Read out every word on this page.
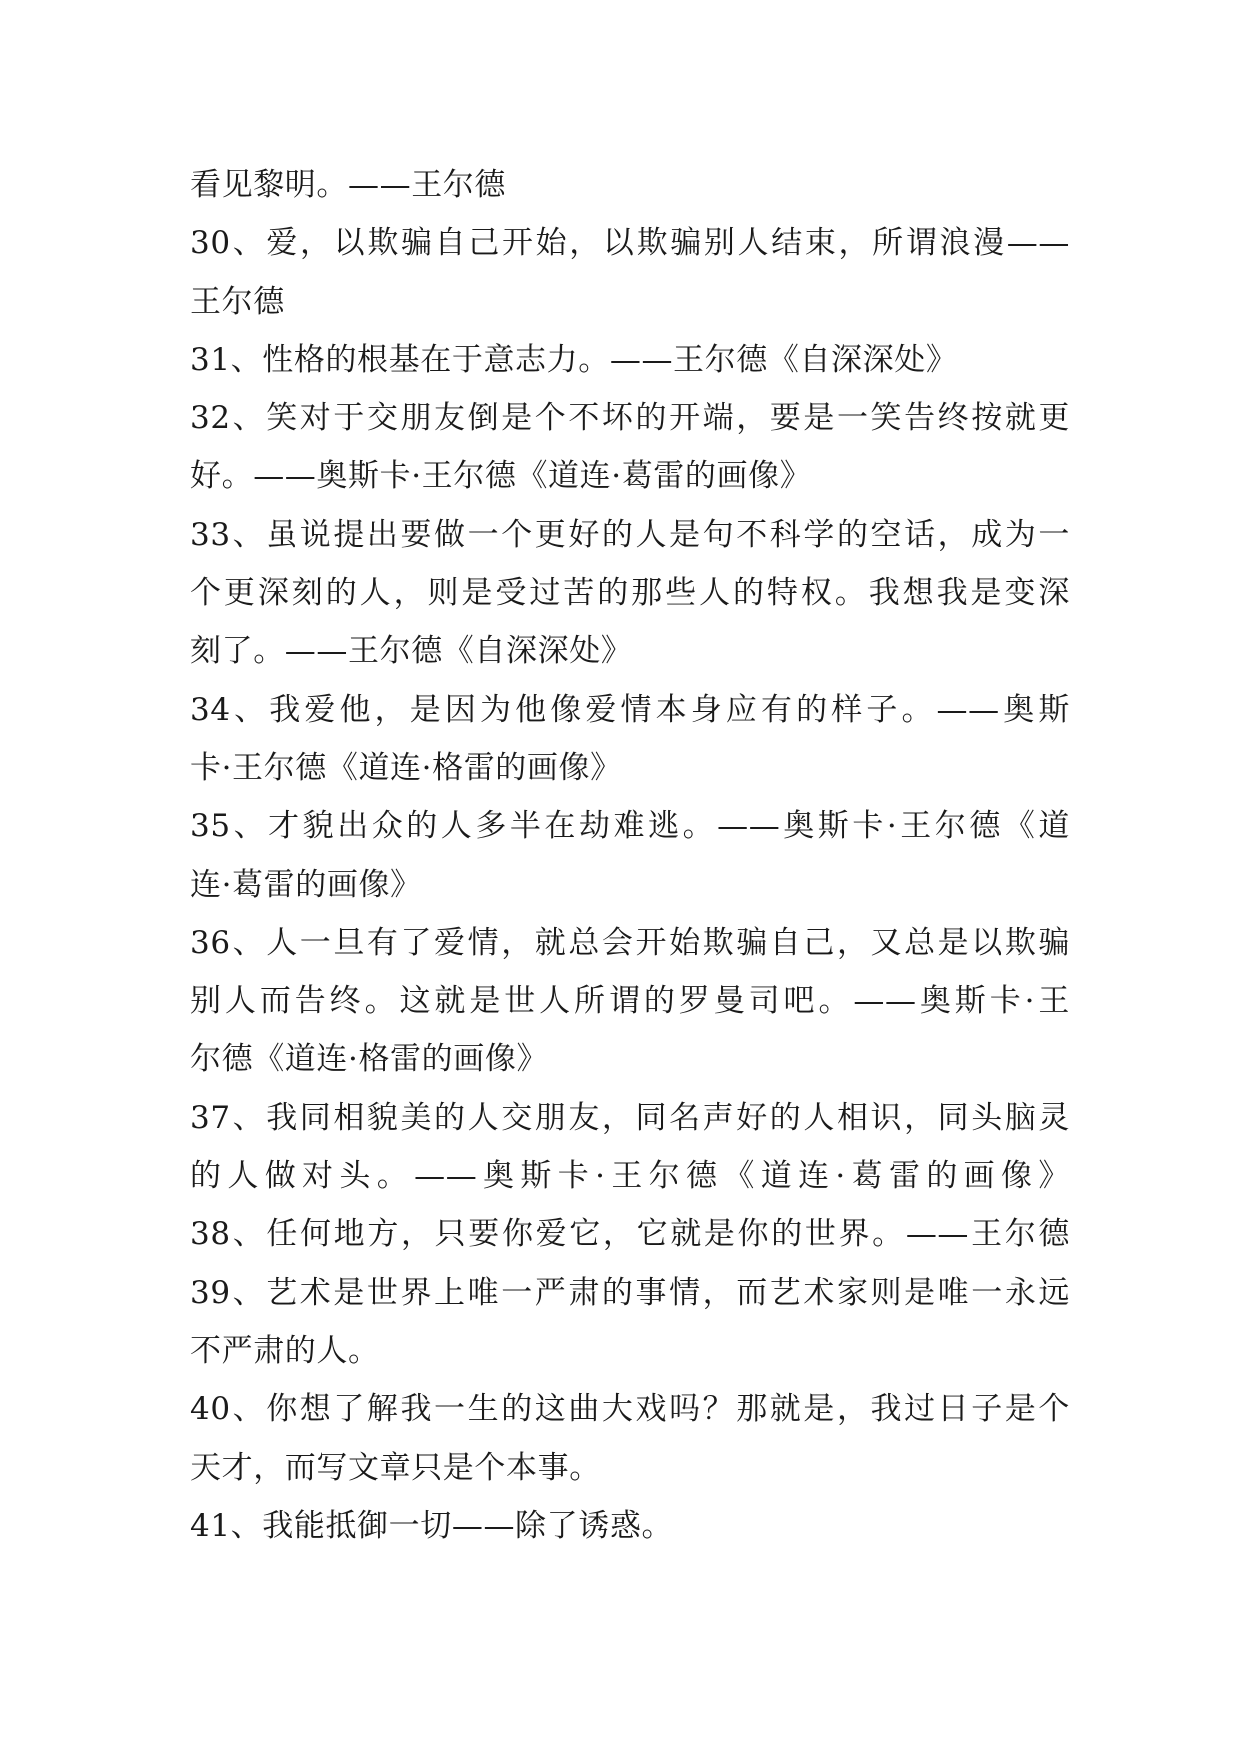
看见黎明。——王尔德
30、爱，以欺骗自己开始，以欺骗别人结束，所谓浪漫——
王尔德
31、性格的根基在于意志力。——王尔德《自深深处》
32、笑对于交朋友倒是个不坏的开端，要是一笑告终按就更
好。——奥斯卡·王尔德《道连·葛雷的画像》
33、虽说提出要做一个更好的人是句不科学的空话，成为一
个更深刻的人，则是受过苦的那些人的特权。我想我是变深
刻了。——王尔德《自深深处》
34、我爱他，是因为他像爱情本身应有的样子。——奥斯
卡·王尔德《道连·格雷的画像》
35、才貌出众的人多半在劫难逃。——奥斯卡·王尔德《道
连·葛雷的画像》
36、人一旦有了爱情，就总会开始欺骗自己，又总是以欺骗
别人而告终。这就是世人所谓的罗曼司吧。——奥斯卡·王
尔德《道连·格雷的画像》
37、我同相貌美的人交朋友，同名声好的人相识，同头脑灵
的人做对头。——奥斯卡·王尔德《道连·葛雷的画像》
38、任何地方，只要你爱它，它就是你的世界。——王尔德
39、艺术是世界上唯一严肃的事情，而艺术家则是唯一永远
不严肃的人。
40、你想了解我一生的这曲大戏吗？那就是，我过日子是个
天才，而写文章只是个本事。
41、我能抵御一切——除了诱惑。
